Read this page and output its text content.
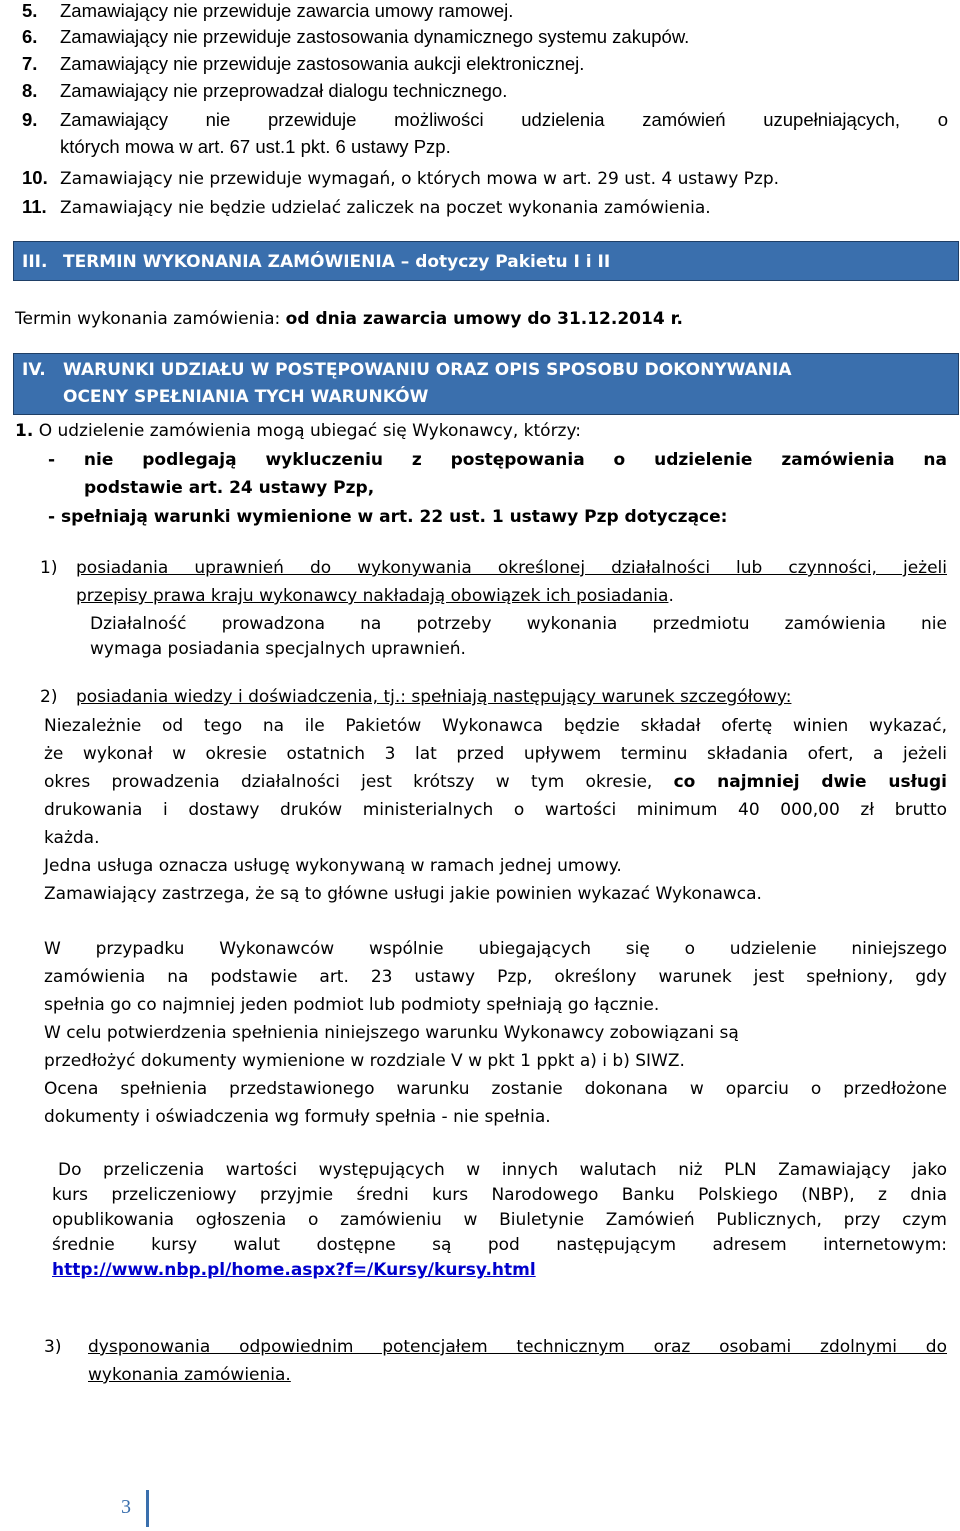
5. Zamawiający nie przewiduje zawarcia umowy ramowej.
6. Zamawiający nie przewiduje zastosowania dynamicznego systemu zakupów.
7. Zamawiający nie przewiduje zastosowania aukcji elektronicznej.
8. Zamawiający nie przeprowadzał dialogu technicznego.
9. Zamawiający nie przewiduje możliwości udzielenia zamówień uzupełniających, o
których mowa w art. 67 ust.1 pkt. 6 ustawy Pzp.
10. Zamawiający nie przewiduje wymagań, o których mowa w art. 29 ust. 4 ustawy Pzp.
11. Zamawiający nie będzie udzielać zaliczek na poczet wykonania zamówienia.
III. TERMIN WYKONANIA ZAMÓWIENIA – dotyczy Pakietu I i II
Termin wykonania zamówienia: od dnia zawarcia umowy do 31.12.2014 r.
IV. WARUNKI UDZIAŁU W POSTĘPOWANIU ORAZ OPIS SPOSOBU DOKONYWANIA
OCENY SPEŁNIANIA TYCH WARUNKÓW
1. O udzielenie zamówienia mogą ubiegać się Wykonawcy, którzy:
- nie podlegają wykluczeniu z postępowania o udzielenie zamówienia na
podstawie art. 24 ustawy Pzp,
- spełniają warunki wymienione w art. 22 ust. 1 ustawy Pzp dotyczące:
1) posiadania uprawnień do wykonywania określonej działalności lub czynności, jeżeli
przepisy prawa kraju wykonawcy nakładają obowiązek ich posiadania.
Działalność prowadzona na potrzeby wykonania przedmiotu zamówienia nie
wymaga posiadania specjalnych uprawnień.
2) posiadania wiedzy i doświadczenia, tj.: spełniają następujący warunek szczegółowy:
Niezależnie od tego na ile Pakietów Wykonawca będzie składał ofertę winien wykazać,
że wykonał w okresie ostatnich 3 lat przed upływem terminu składania ofert, a jeżeli
okres prowadzenia działalności jest krótszy w tym okresie, co najmniej dwie usługi
drukowania i dostawy druków ministerialnych o wartości minimum 40 000,00 zł brutto
każda.
Jedna usługa oznacza usługę wykonywaną w ramach jednej umowy.
Zamawiający zastrzega, że są to główne usługi jakie powinien wykazać Wykonawca.
W przypadku Wykonawców wspólnie ubiegających się o udzielenie niniejszego
zamówienia na podstawie art. 23 ustawy Pzp, określony warunek jest spełniony, gdy
spełnia go co najmniej jeden podmiot lub podmioty spełniają go łącznie.
W celu potwierdzenia spełnienia niniejszego warunku Wykonawcy zobowiązani są
przedłożyć dokumenty wymienione w rozdziale V w pkt 1 ppkt a) i b) SIWZ.
Ocena spełnienia przedstawionego warunku zostanie dokonana w oparciu o przedłożone
dokumenty i oświadczenia wg formuły spełnia - nie spełnia.
Do przeliczenia wartości występujących w innych walutach niż PLN Zamawiający jako
kurs przeliczeniowy przyjmie średni kurs Narodowego Banku Polskiego (NBP), z dnia
opublikowania ogłoszenia o zamówieniu w Biuletynie Zamówień Publicznych, przy czym
średnie kursy walut dostępne są pod następującym adresem internetowym:
http://www.nbp.pl/home.aspx?f=/Kursy/kursy.html
3) dysponowania odpowiednim potencjałem technicznym oraz osobami zdolnymi do
wykonania zamówienia.
3
